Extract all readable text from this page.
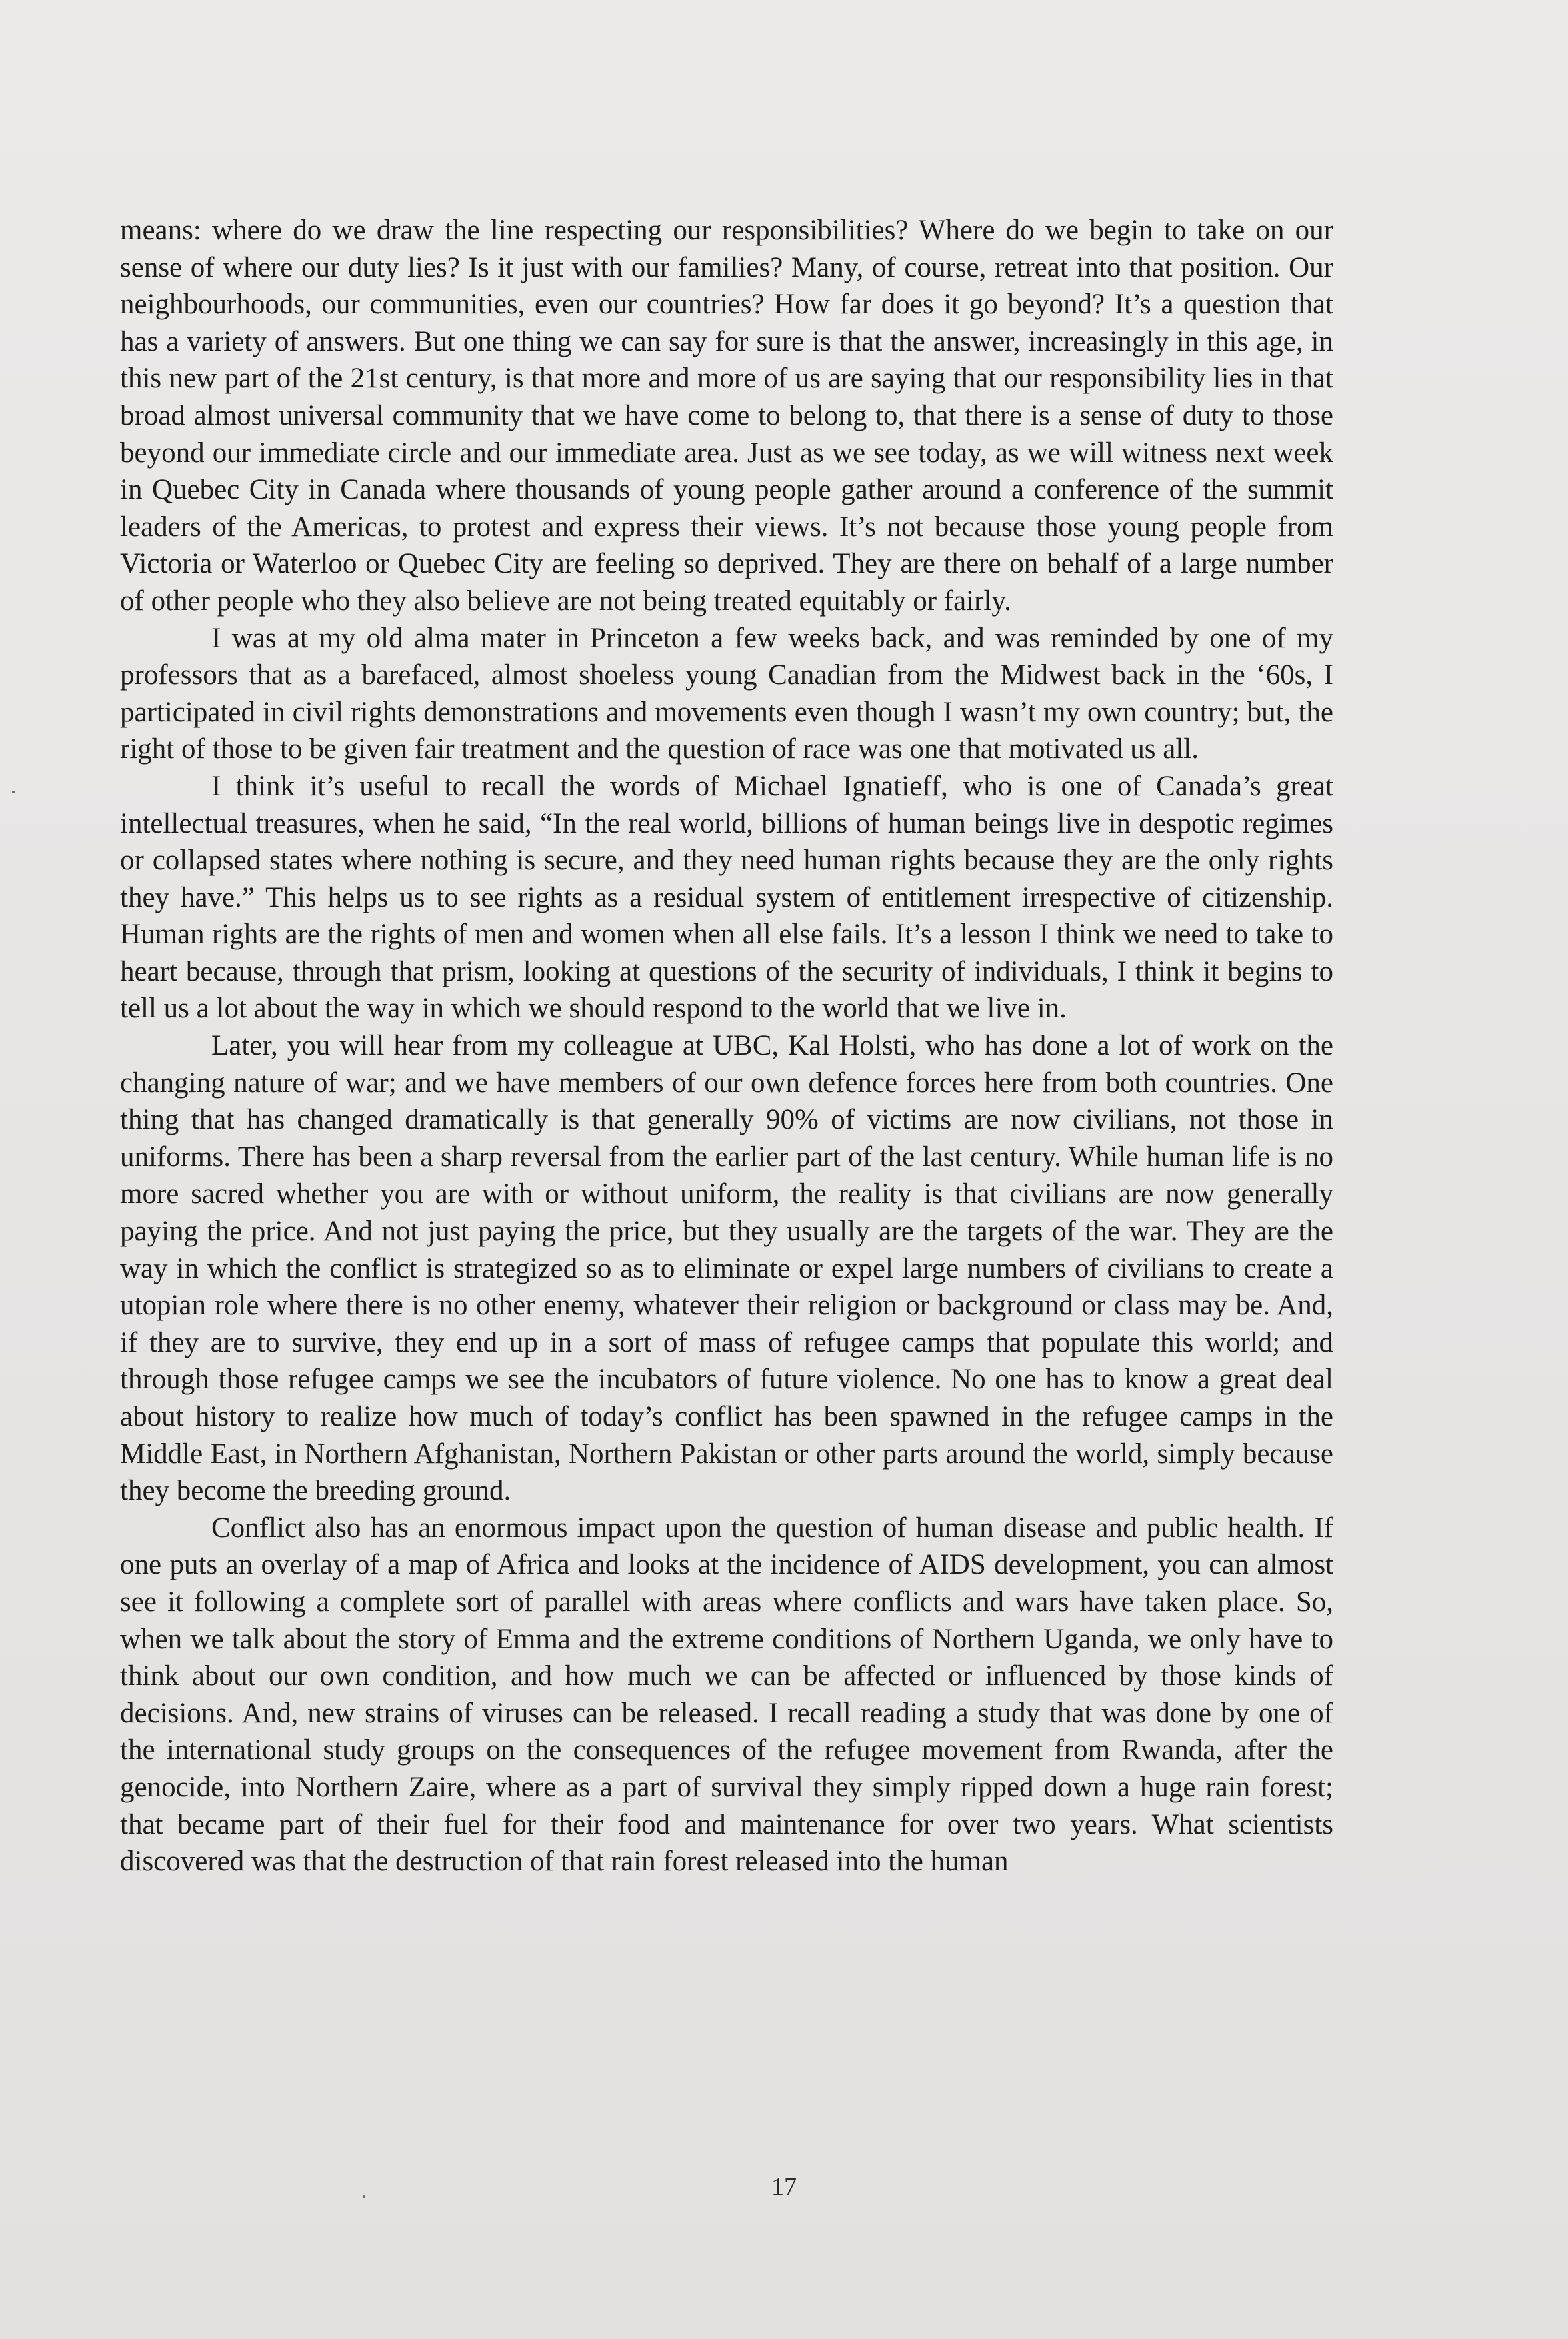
means: where do we draw the line respecting our responsibilities? Where do we begin to take on our sense of where our duty lies? Is it just with our families? Many, of course, retreat into that position. Our neighbourhoods, our communities, even our countries? How far does it go beyond? It’s a question that has a variety of answers. But one thing we can say for sure is that the answer, increasingly in this age, in this new part of the 21st century, is that more and more of us are saying that our responsibility lies in that broad almost universal community that we have come to belong to, that there is a sense of duty to those beyond our immediate circle and our immediate area. Just as we see today, as we will witness next week in Quebec City in Canada where thousands of young people gather around a conference of the summit leaders of the Americas, to protest and express their views. It’s not because those young people from Victoria or Waterloo or Quebec City are feeling so deprived. They are there on behalf of a large number of other people who they also believe are not being treated equitably or fairly.

I was at my old alma mater in Princeton a few weeks back, and was reminded by one of my professors that as a barefaced, almost shoeless young Canadian from the Midwest back in the ‘60s, I participated in civil rights demonstrations and movements even though I wasn’t my own country; but, the right of those to be given fair treatment and the question of race was one that motivated us all.

I think it’s useful to recall the words of Michael Ignatieff, who is one of Canada’s great intellectual treasures, when he said, “In the real world, billions of human beings live in despotic regimes or collapsed states where nothing is secure, and they need human rights because they are the only rights they have.” This helps us to see rights as a residual system of entitlement irrespective of citizenship. Human rights are the rights of men and women when all else fails. It’s a lesson I think we need to take to heart because, through that prism, looking at questions of the security of individuals, I think it begins to tell us a lot about the way in which we should respond to the world that we live in.

Later, you will hear from my colleague at UBC, Kal Holsti, who has done a lot of work on the changing nature of war; and we have members of our own defence forces here from both countries. One thing that has changed dramatically is that generally 90% of victims are now civilians, not those in uniforms. There has been a sharp reversal from the earlier part of the last century. While human life is no more sacred whether you are with or without uniform, the reality is that civilians are now generally paying the price. And not just paying the price, but they usually are the targets of the war. They are the way in which the conflict is strategized so as to eliminate or expel large numbers of civilians to create a utopian role where there is no other enemy, whatever their religion or background or class may be. And, if they are to survive, they end up in a sort of mass of refugee camps that populate this world; and through those refugee camps we see the incubators of future violence. No one has to know a great deal about history to realize how much of today’s conflict has been spawned in the refugee camps in the Middle East, in Northern Afghanistan, Northern Pakistan or other parts around the world, simply because they become the breeding ground.

Conflict also has an enormous impact upon the question of human disease and public health. If one puts an overlay of a map of Africa and looks at the incidence of AIDS development, you can almost see it following a complete sort of parallel with areas where conflicts and wars have taken place. So, when we talk about the story of Emma and the extreme conditions of Northern Uganda, we only have to think about our own condition, and how much we can be affected or influenced by those kinds of decisions. And, new strains of viruses can be released. I recall reading a study that was done by one of the international study groups on the consequences of the refugee movement from Rwanda, after the genocide, into Northern Zaire, where as a part of survival they simply ripped down a huge rain forest; that became part of their fuel for their food and maintenance for over two years. What scientists discovered was that the destruction of that rain forest released into the human

17
